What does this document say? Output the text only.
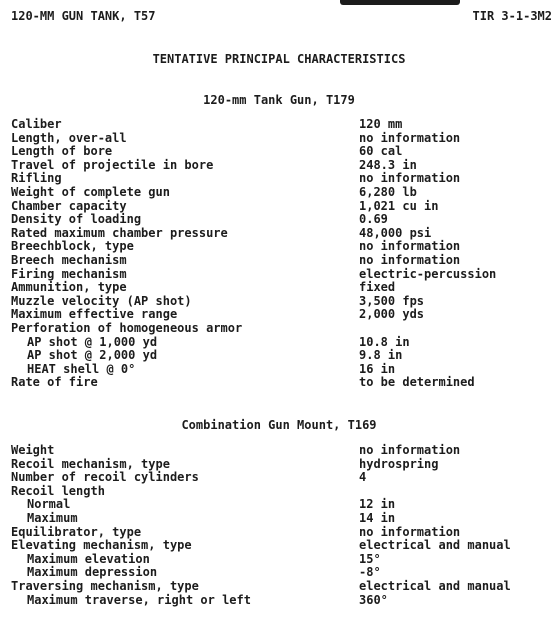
120-MM GUN TANK, T57	TIR 3-1-3M2
TENTATIVE PRINCIPAL CHARACTERISTICS
120-mm Tank Gun, T179
Caliber	120 mm
Length, over-all	no information
Length of bore	60 cal
Travel of projectile in bore	248.3 in
Rifling	no information
Weight of complete gun	6,280 lb
Chamber capacity	1,021 cu in
Density of loading	0.69
Rated maximum chamber pressure	48,000 psi
Breechblock, type	no information
Breech mechanism	no information
Firing mechanism	electric-percussion
Ammunition, type	fixed
Muzzle velocity (AP shot)	3,500 fps
Maximum effective range	2,000 yds
Perforation of homogeneous armor
AP shot @ 1,000 yd	10.8 in
AP shot @ 2,000 yd	9.8 in
HEAT shell @ 0°	16 in
Rate of fire	to be determined
Combination Gun Mount, T169
Weight	no information
Recoil mechanism, type	hydrospring
Number of recoil cylinders	4
Recoil length
Normal	12 in
Maximum	14 in
Equilibrator, type	no information
Elevating mechanism, type	electrical and manual
Maximum elevation	15°
Maximum depression	-8°
Traversing mechanism, type	electrical and manual
Maximum traverse, right or left	360°
